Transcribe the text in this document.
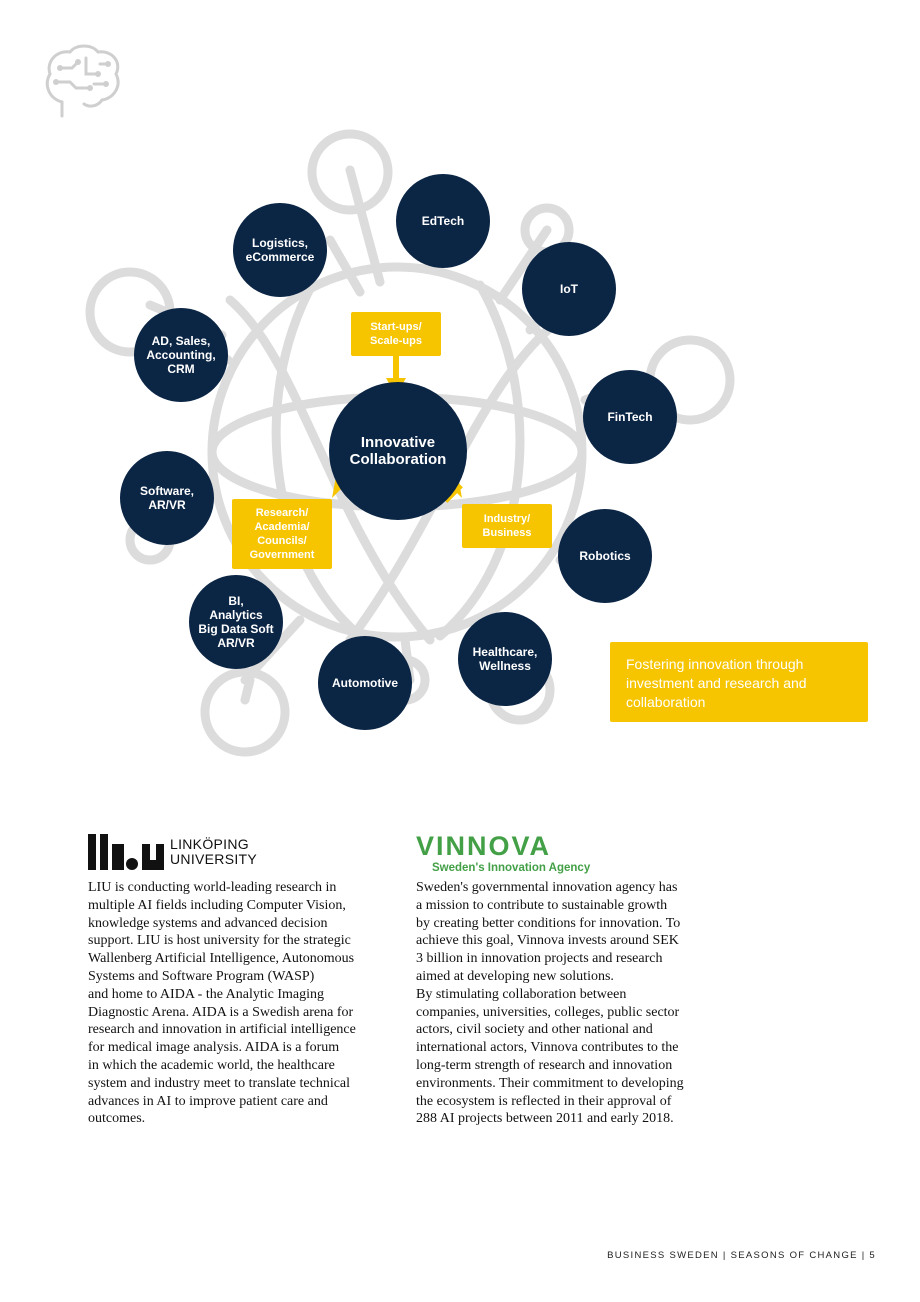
Innovative
Collaboration
EdTech
Logistics,
eCommerce
IoT
AD, Sales,
Accounting,
CRM
FinTech
Software,
AR/VR
Robotics
BI,
Analytics
Big Data Soft
AR/VR
Healthcare,
Wellness
Automotive
Start-ups/
Scale-ups
Research/
Academia/
Councils/
Government
Industry/
Business
Fostering innovation through investment and research and collaboration
LINKÖPING
UNIVERSITY	VINNOVA
Sweden's Innovation Agency
LIU is conducting world-leading research in
multiple AI fields including Computer Vision,
knowledge systems and advanced decision
support. LIU is host university for the strategic
Wallenberg Artificial Intelligence, Autonomous
Systems and Software Program (WASP)
and home to AIDA - the Analytic Imaging
Diagnostic Arena. AIDA is a Swedish arena for
research and innovation in artificial intelligence
for medical image analysis. AIDA is a forum
in which the academic world, the healthcare
system and industry meet to translate technical
advances in AI to improve patient care and
outcomes.
Sweden's governmental innovation agency has
a mission to contribute to sustainable growth
by creating better conditions for innovation. To
achieve this goal, Vinnova invests around SEK
3 billion in innovation projects and research
aimed at developing new solutions.
By stimulating collaboration between
companies, universities, colleges, public sector
actors, civil society and other national and
international actors, Vinnova contributes to the
long-term strength of research and innovation
environments. Their commitment to developing
the ecosystem is reflected in their approval of
288 AI projects between 2011 and early 2018.
BUSINESS SWEDEN | SEASONS OF CHANGE | 5
